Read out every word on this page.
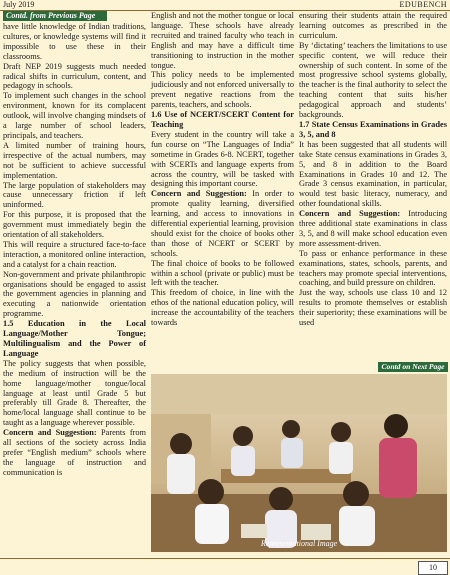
July 2019	EDUBENCH
Contd. from Previous Page

have little knowledge of Indian traditions, cultures, or knowledge systems will find it impossible to use these in their classrooms.

Draft NEP 2019 suggests much needed radical shifts in curriculum, content, and pedagogy in schools.

To implement such changes in the school environment, known for its complacent outlook, will involve changing mindsets of a large number of school leaders, principals, and teachers.

A limited number of training hours, irrespective of the actual numbers, may not be sufficient to achieve successful implementation.

The large population of stakeholders may cause unnecessary friction if left uninformed.

For this purpose, it is proposed that the government must immediately begin the orientation of all stakeholders.

This will require a structured face-to-face interaction, a monitored online interaction, and a catalyst for a chain reaction.

Non-government and private philanthropic organisations should be engaged to assist the government agencies in planning and executing a nationwide orientation programme.

1.5 Education in the Local Language/Mother Tongue; Multilingualism and the Power of Language

The policy suggests that when possible, the medium of instruction will be the home language/mother tongue/local language at least until Grade 5 but preferably till Grade 8. Thereafter, the home/local language shall continue to be taught as a language wherever possible.

Concern and Suggestion: Parents from all sections of the society across India prefer “English medium” schools where the language of instruction and communication is

English and not the mother tongue or local language. These schools have already recruited and trained faculty who teach in English and may have a difficult time transitioning to instruction in the mother tongue.

This policy needs to be implemented judiciously and not enforced universally to prevent negative reactions from the parents, teachers, and schools.

1.6 Use of NCERT/SCERT Content for Teaching

Every student in the country will take a fun course on “The Languages of India” sometime in Grades 6-8. NCERT, together with SCERTs and language experts from across the country, will be tasked with designing this important course.

Concern and Suggestion: In order to promote quality learning, diversified learning, and access to innovations in differential experiential learning, provision should exist for the choice of books other than those of NCERT or SCERT by schools.

The final choice of books to be followed within a school (private or public) must be left with the teacher.

This freedom of choice, in line with the ethos of the national education policy, will increase the accountability of the teachers towards

ensuring their students attain the required learning outcomes as prescribed in the curriculum.

By ‘dictating’ teachers the limitations to use specific content, we will reduce their ownership of such content. In some of the most progressive school systems globally, the teacher is the final authority to select the teaching content that suits his/her pedagogical approach and students’ backgrounds.

1.7 State Census Examinations in Grades 3, 5, and 8

It has been suggested that all students will take State census examinations in Grades 3, 5, and 8 in addition to the Board Examinations in Grades 10 and 12. The Grade 3 census examination, in particular, would test basic literacy, numeracy, and other foundational skills.

Concern and Suggestion: Introducing three additional state examinations in class 3, 5, and 8 will make school education even more assessment-driven.

To pass or enhance performance in these examinations, states, schools, parents, and teachers may promote special interventions, coaching, and build pressure on children.

Just the way, schools use class 10 and 12 results to promote themselves or establish their superiority; these examinations will be used

Contd on Next Page
Representational Image
10
